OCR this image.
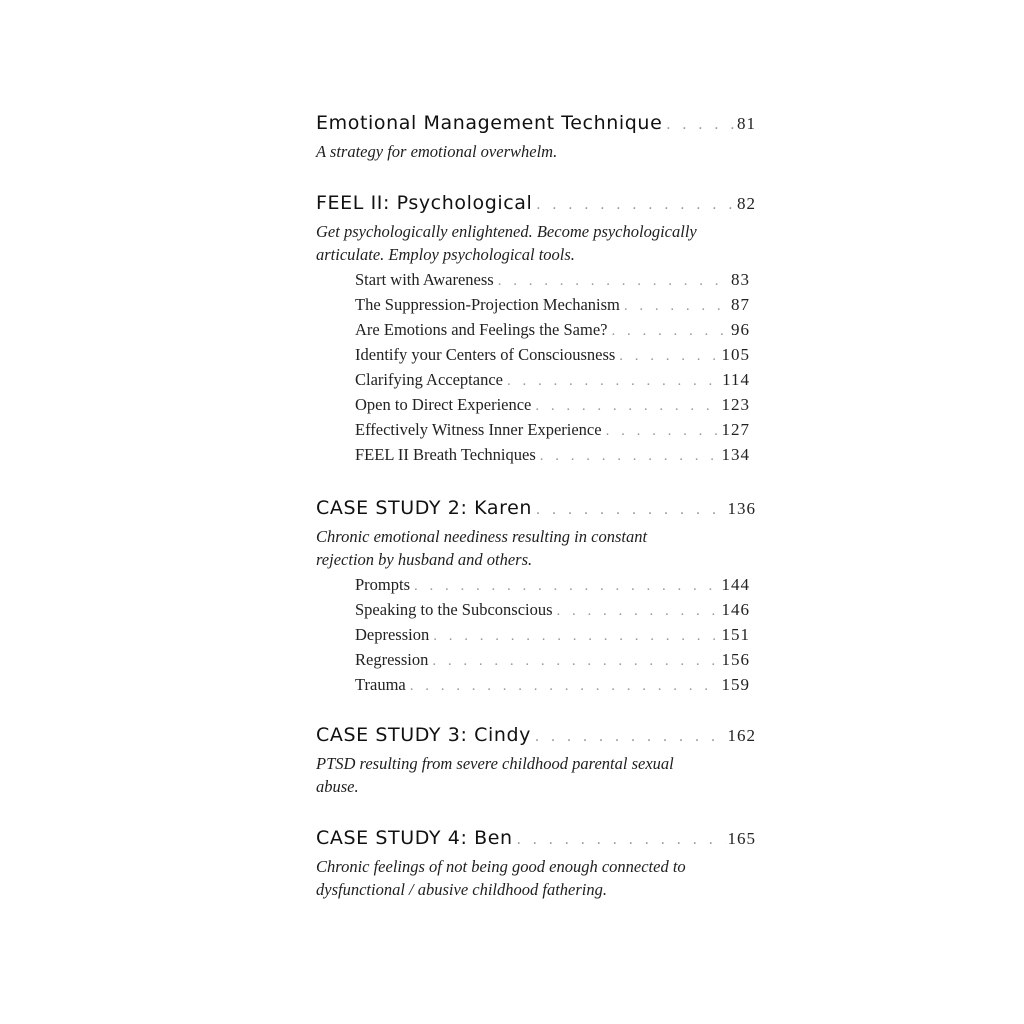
Emotional Management Technique . . .	81

A strategy for emotional overwhelm.

FEEL II: Psychological . . .	82

Get psychologically enlightened. Become psychologically articulate. Employ psychological tools.

Start with Awareness . . .	83
The Suppression-Projection Mechanism . . .	87
Are Emotions and Feelings the Same? . . .	96
Identify your Centers of Consciousness . . .	105
Clarifying Acceptance . . .	114
Open to Direct Experience . . .	123
Effectively Witness Inner Experience . . .	127
FEEL II Breath Techniques . . .	134
CASE STUDY 2: Karen . . .	136

Chronic emotional neediness resulting in constant rejection by husband and others.

Prompts . . .	144
Speaking to the Subconscious . . .	146
Depression . . .	151
Regression . . .	156
Trauma . . .	159
CASE STUDY 3: Cindy . . .	162

PTSD resulting from severe childhood parental sexual abuse.

CASE STUDY 4: Ben . . .	165

Chronic feelings of not being good enough connected to dysfunctional / abusive childhood fathering.
